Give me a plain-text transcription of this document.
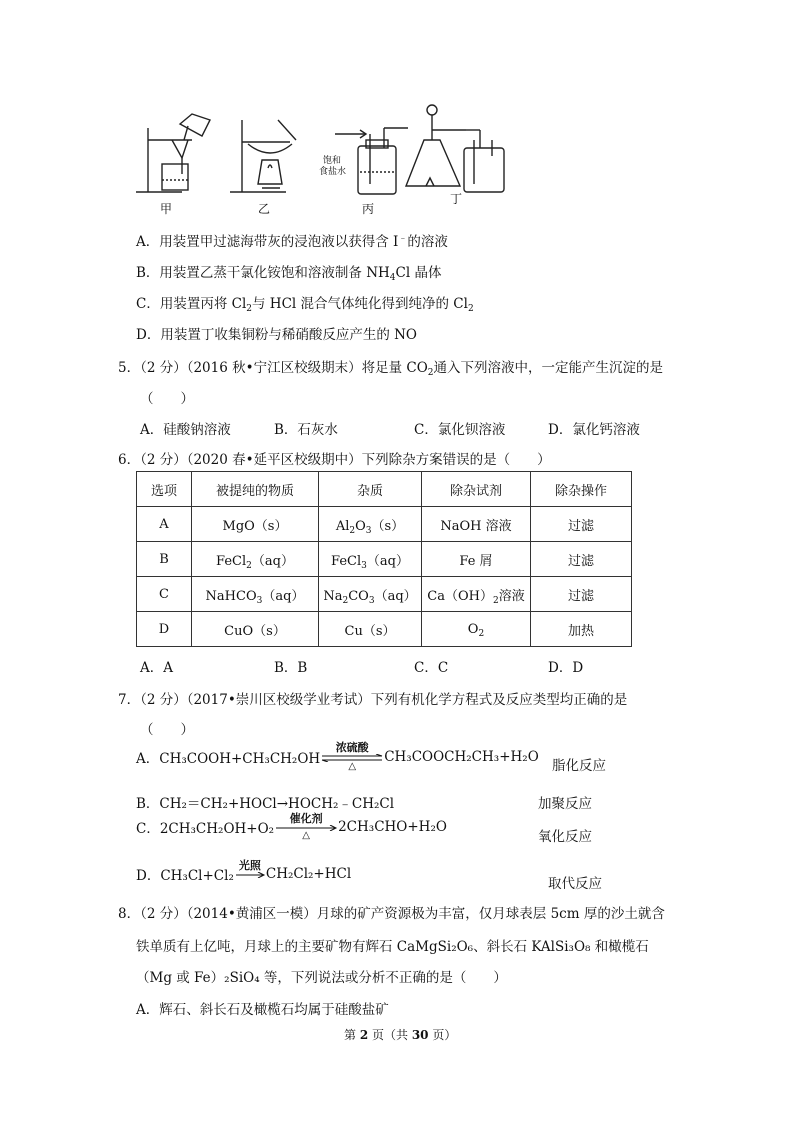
饱和
食盐水
甲	乙	丙
丁
A．用装置甲过滤海带灰的浸泡液以获得含 I﹣的溶液
B．用装置乙蒸干氯化铵饱和溶液制备 $NH_4Cl$ 晶体
C．用装置丙将 $Cl_2$与 HCl 混合气体纯化得到纯净的 $Cl_2$
D．用装置丁收集铜粉与稀硝酸反应产生的 NO
5．（2 分）（2016 秋•宁江区校级期末）将足量 $CO_2$通入下列溶液中，一定能产生沉淀的是
（　　）
A．硅酸钠溶液	B．石灰水	C．氯化钡溶液	D．氯化钙溶液
6．（2 分）（2020 春•延平区校级期中）下列除杂方案错误的是（　　）
选项	被提纯的物质	杂质	除杂试剂	除杂操作
A	MgO（s）	$Al_2O_3(s)$	NaOH 溶液	过滤
B	FeCl$_2$（aq）	FeCl$_3$（aq）	Fe 屑	过滤
C	NaHCO$_3$（aq）	$Na_2CO_3(aq)$	$Ca(OH)_2$溶液	过滤
D	CuO（s）	Cu（s）	$O_2$	加热
A．A	B．B	C．C	D．D
7．（2 分）（2017•崇川区校级学业考试）下列有机化学方程式及反应类型均正确的是
（　　）
A．CH₃COOH+CH₃CH₂OH
浓硫酸
△
CH₃COOCH₂CH₃+H₂O
脂化反应
B．CH₂＝CH₂+HOCl→HOCH₂﹣CH₂Cl	加聚反应
C．2CH₃CH₂OH+O₂
催化剂
△
2CH₃CHO+H₂O
氧化反应
D．CH₃Cl+Cl₂
光照

CH₂Cl₂+HCl
取代反应
8．（2 分）（2014•黄浦区一模）月球的矿产资源极为丰富，仅月球表层 5cm 厚的沙土就含
铁单质有上亿吨，月球上的主要矿物有辉石 CaMgSi₂O₆、斜长石 KAlSi₃O₈ 和橄榄石
（Mg 或 Fe）₂SiO₄ 等，下列说法或分析不正确的是（　　）
A．辉石、斜长石及橄榄石均属于硅酸盐矿
第 2 页（共 30 页）
